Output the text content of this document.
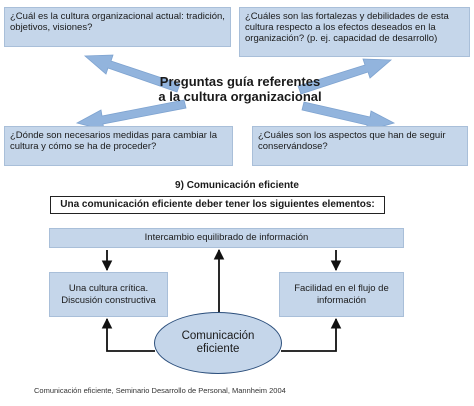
¿Cuál es la cultura organizacional actual: tradición, objetivos, visiones?
¿Cuáles son las fortalezas y debilidades de esta cultura respecto a los efectos deseados en la organización? (p. ej. capacidad de desarrollo)
¿Dónde son necesarios medidas para cambiar la cultura y cómo se ha de proceder?
¿Cuáles son los aspectos que han de seguir conservándose?
Preguntas guía referentes
a la cultura organizacional
9) Comunicación eficiente
Una comunicación eficiente deber tener los siguientes elementos:
Intercambio equilibrado de información
Una cultura crítica.
Discusión constructiva
Facilidad en el flujo de
información
Comunicación
eficiente
Comunicación eficiente, Seminario Desarrollo de Personal, Mannheim 2004
